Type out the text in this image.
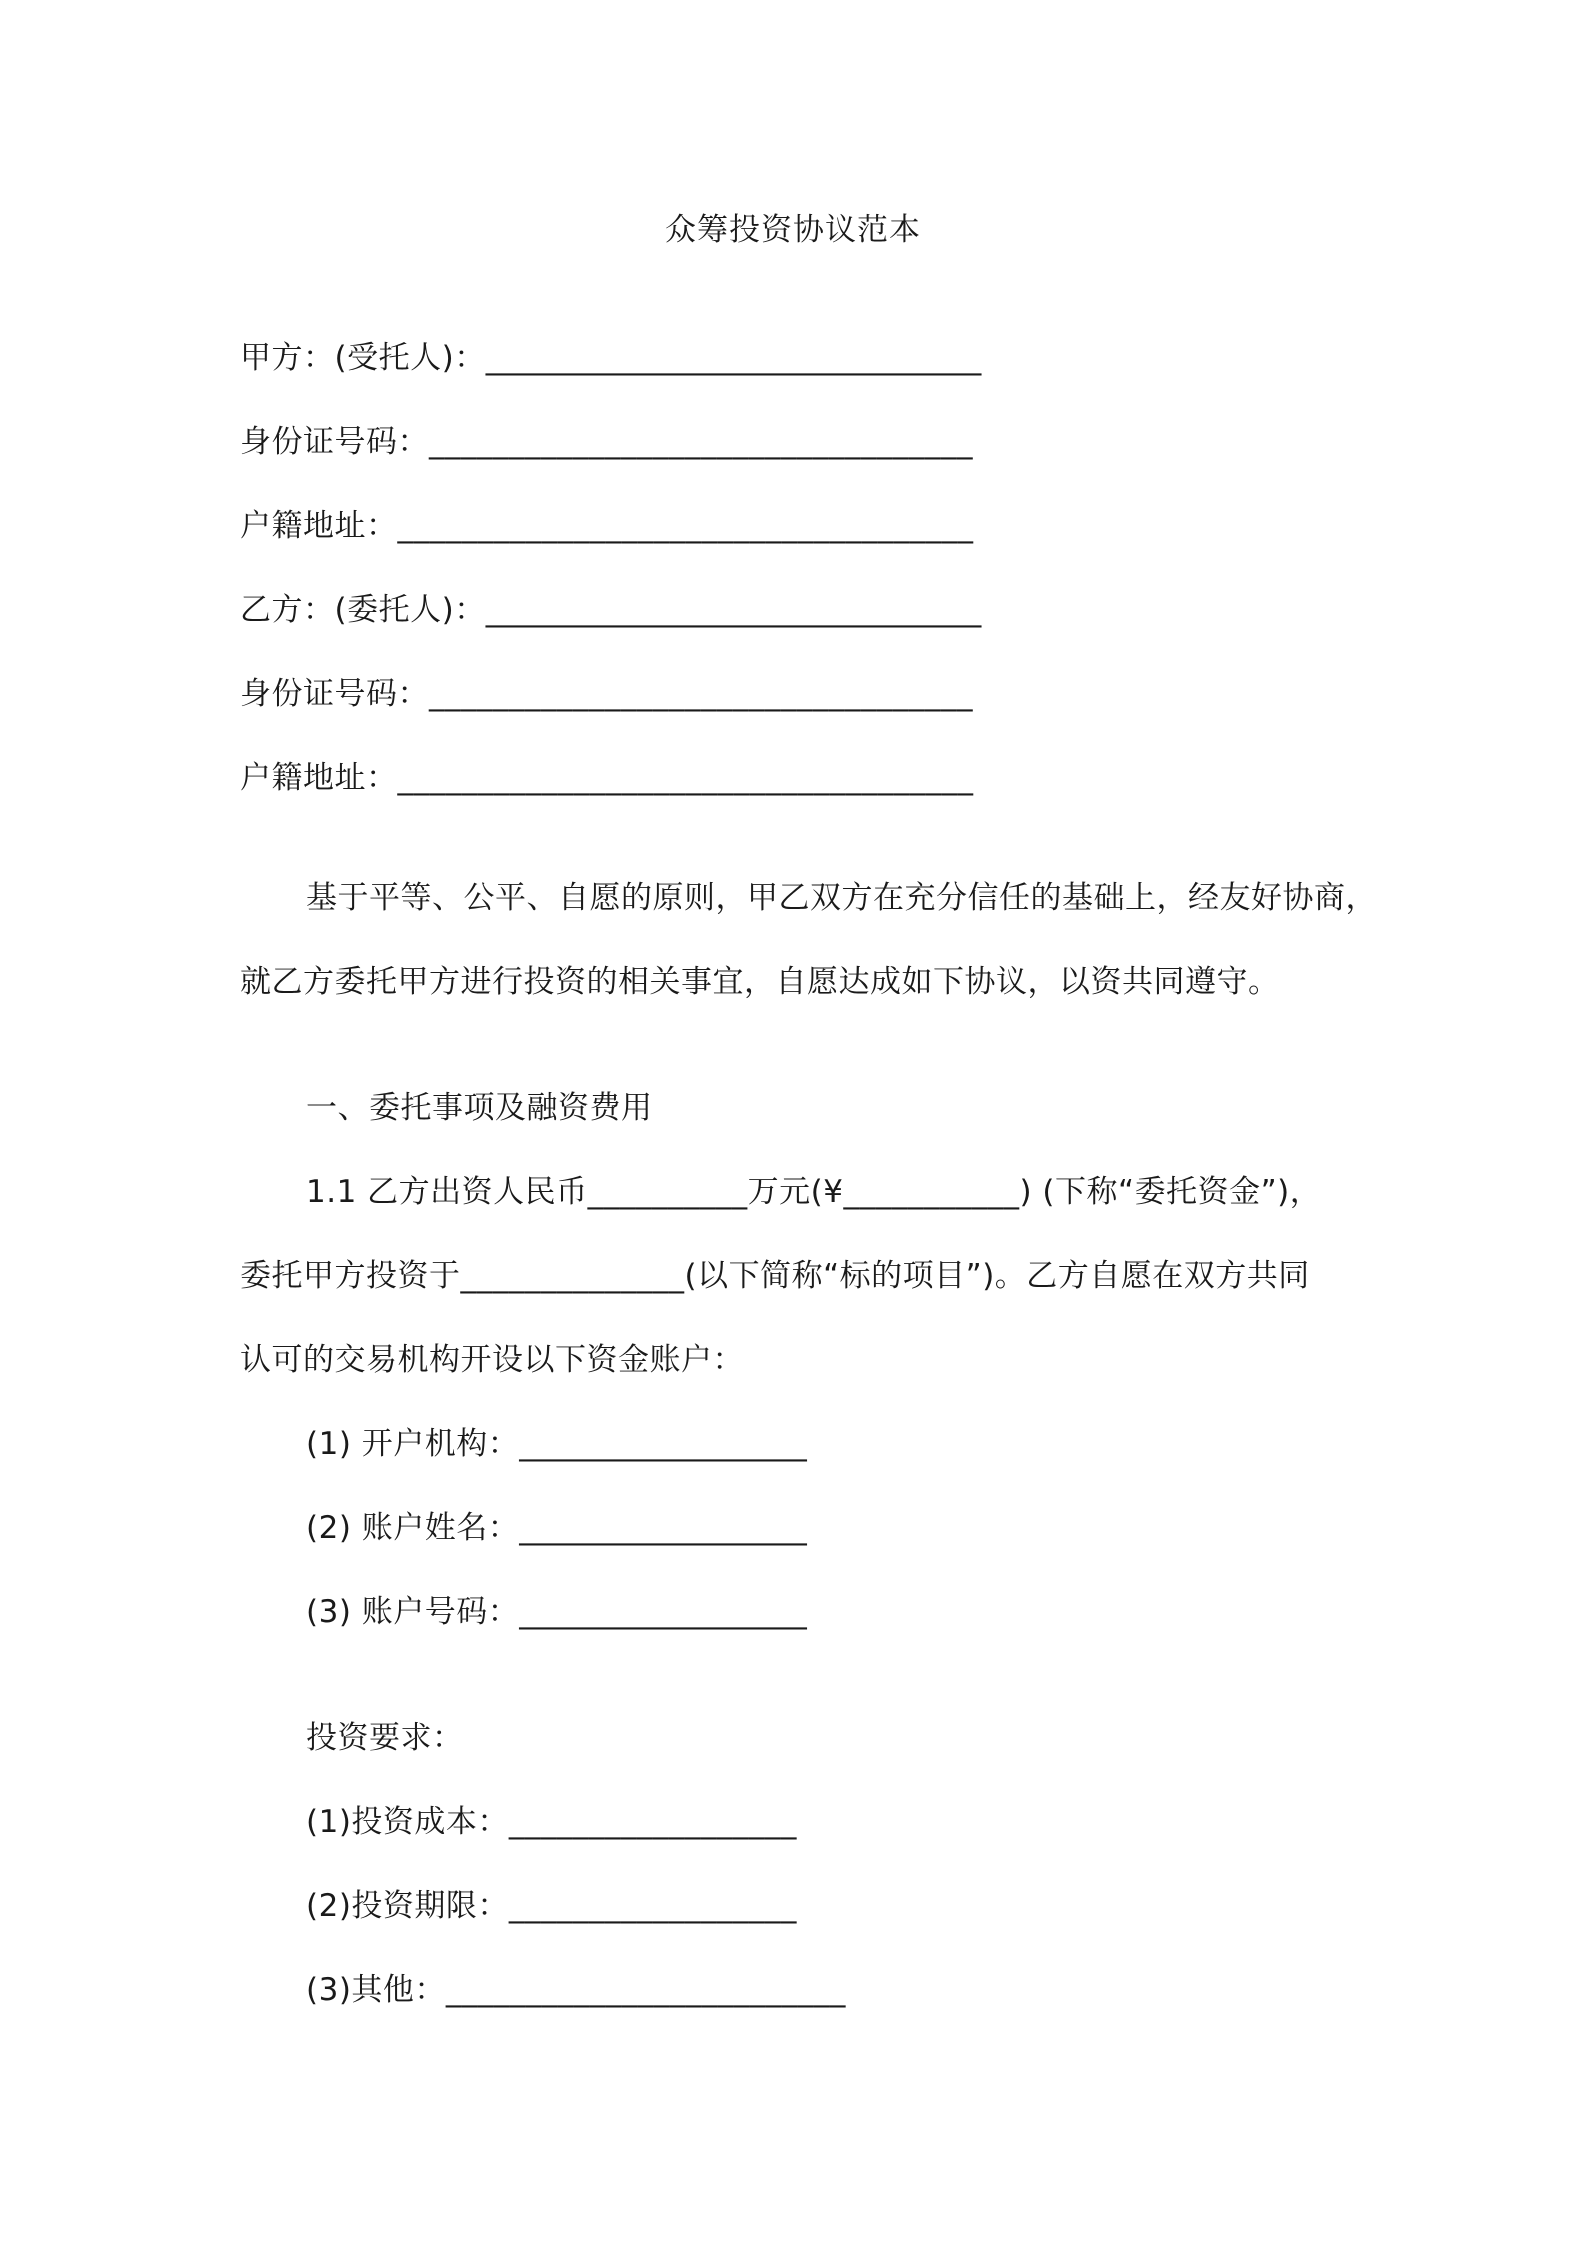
众筹投资协议范本
甲方：(受托人)：_______________________________
身份证号码：__________________________________
户籍地址：____________________________________
乙方：(委托人)：_______________________________
身份证号码：__________________________________
户籍地址：____________________________________
基于平等、公平、自愿的原则，甲乙双方在充分信任的基础上，经友好协商，
就乙方委托甲方进行投资的相关事宜，自愿达成如下协议，以资共同遵守。
一、委托事项及融资费用
1.1 乙方出资人民币__________万元(¥___________) (下称“委托资金”)，
委托甲方投资于______________(以下简称“标的项目”)。乙方自愿在双方共同
认可的交易机构开设以下资金账户：
(1) 开户机构：__________________
(2) 账户姓名：__________________
(3) 账户号码：__________________
投资要求：
(1)投资成本：__________________
(2)投资期限：__________________
(3)其他：_________________________
